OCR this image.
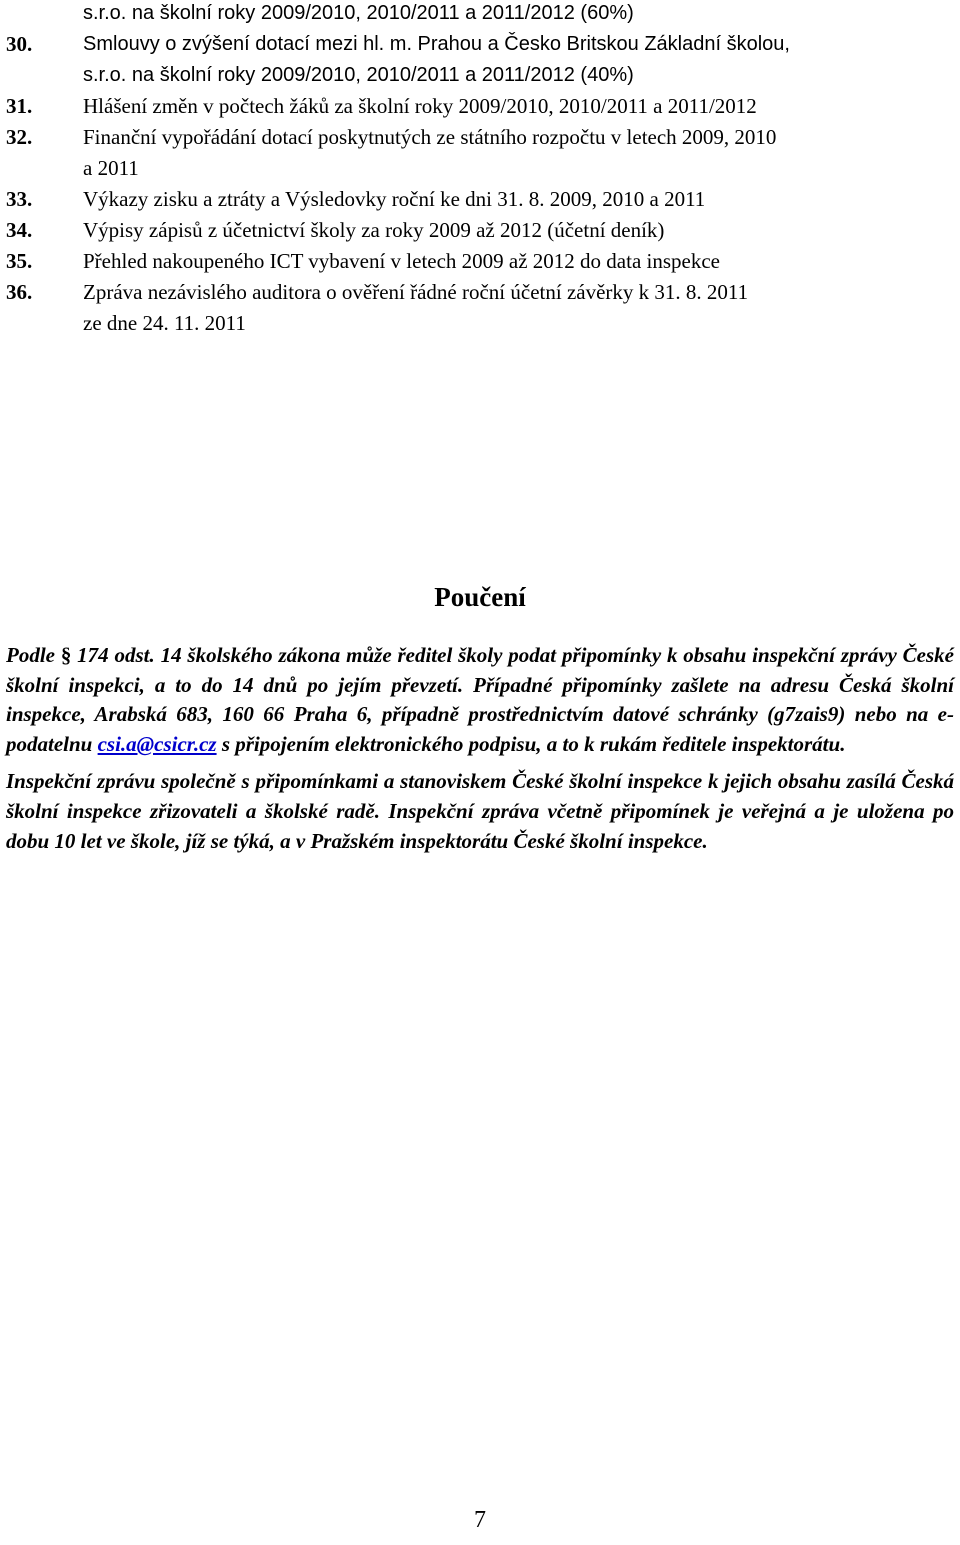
s.r.o. na školní roky 2009/2010, 2010/2011 a 2011/2012 (60%)
30.	Smlouvy o zvýšení dotací mezi hl. m. Prahou a Česko Britskou Základní školou,
s.r.o. na školní roky 2009/2010, 2010/2011 a 2011/2012 (40%)
31.	Hlášení změn v počtech žáků za školní roky 2009/2010, 2010/2011 a 2011/2012
32.	Finanční vypořádání dotací poskytnutých ze státního rozpočtu v letech 2009, 2010
a 2011
33.	Výkazy zisku a ztráty a Výsledovky roční ke dni 31. 8. 2009, 2010 a 2011
34.	Výpisy zápisů z účetnictví školy za roky 2009 až 2012 (účetní deník)
35.	Přehled nakoupeného ICT vybavení v letech 2009 až 2012 do data inspekce
36.	Zpráva nezávislého auditora o ověření řádné roční účetní závěrky k 31. 8. 2011
ze dne 24. 11. 2011
Poučení

Podle § 174 odst. 14 školského zákona může ředitel školy podat připomínky k obsahu inspekční zprávy České školní inspekci, a to do 14 dnů po jejím převzetí. Případné připomínky zašlete na adresu Česká školní inspekce, Arabská 683, 160 66 Praha 6, případně prostřednictvím datové schránky (g7zais9) nebo na e-podatelnu csi.a@csicr.cz s připojením elektronického podpisu, a to k rukám ředitele inspektorátu.

Inspekční zprávu společně s připomínkami a stanoviskem České školní inspekce k jejich obsahu zasílá Česká školní inspekce zřizovateli a školské radě. Inspekční zpráva včetně připomínek je veřejná a je uložena po dobu 10 let ve škole, jíž se týká, a v Pražském inspektorátu České školní inspekce.

7
